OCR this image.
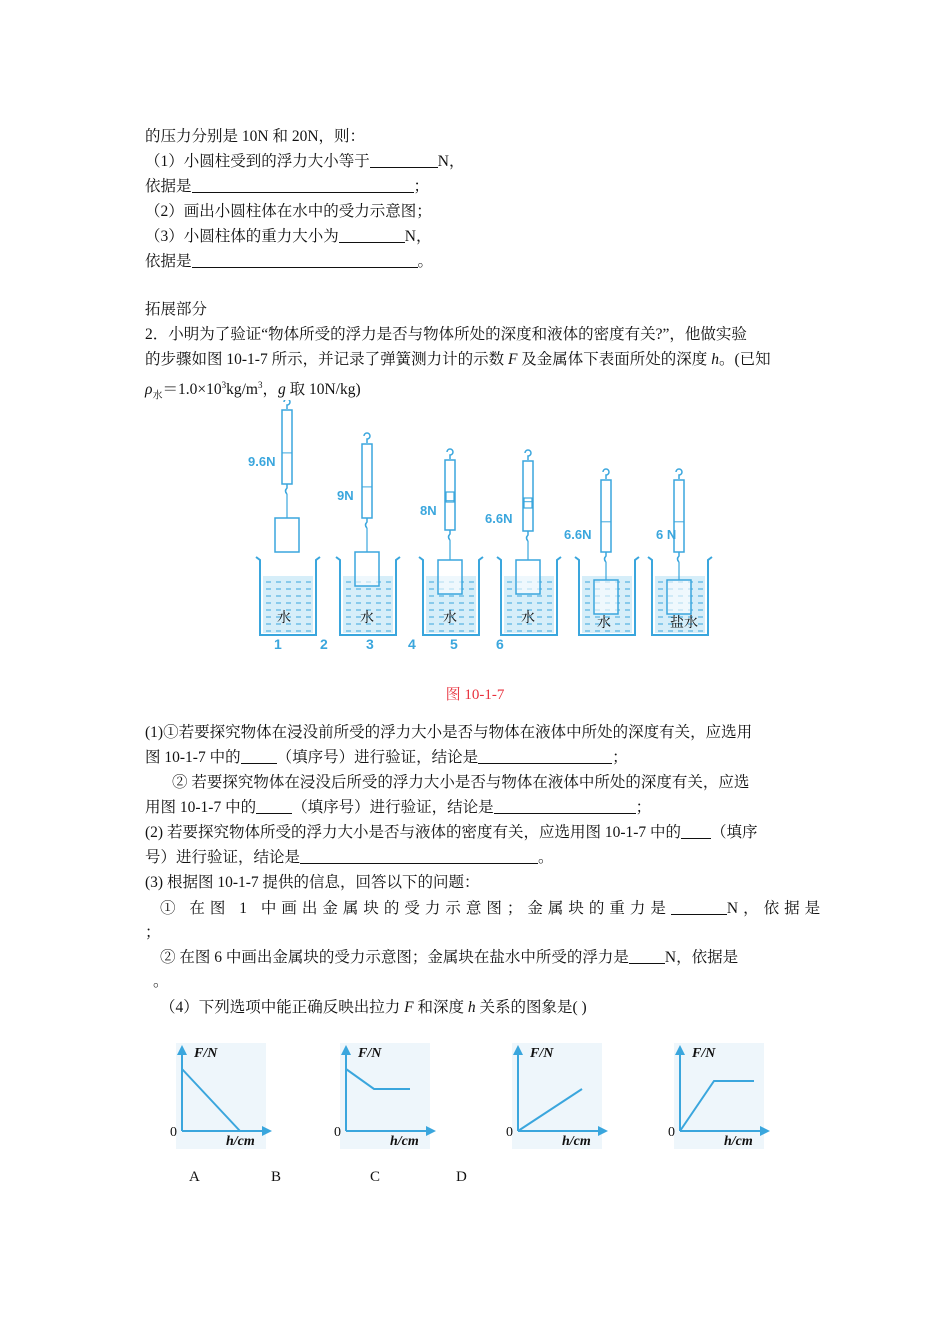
的压力分别是 10N 和 20N，则：
（1）小圆柱受到的浮力大小等于	N，
依据是	；
（2）画出小圆柱体在水中的受力示意图；
（3）小圆柱体的重力大小为	N，
依据是	。
拓展部分
2．小明为了验证“物体所受的浮力是否与物体所处的深度和液体的密度有关?”，他做实验
的步骤如图 10-1-7 所示，并记录了弹簧测力计的示数 F 及金属体下表面所处的深度 h。(已知
$\rho_水=1.0\times 10^3kg/m^3$，g 取 10N/kg)
9.6N
9N
8N
6.6N
6.6N	6 N
水	水	水	水	水	盐水
1	2	3 4 5	6
图 10-1-7
(1)①若要探究物体在浸没前所受的浮力大小是否与物体在液体中所处的深度有关，应选用
图 10-1-7 中的 （填序号）进行验证，结论是	；
② 若要探究物体在浸没后所受的浮力大小是否与物体在液体中所处的深度有关，应选
用图 10-1-7 中的 （填序号）进行验证，结论是	；
(2) 若要探究物体所受的浮力大小是否与液体的密度有关，应选用图 10-1-7 中的 （填序
号）进行验证，结论是	。
(3) 根据图 10-1-7 提供的信息，回答以下的问题：
① 在图 1 中画出金属块的受力示意图；金属块的重力是	N，依据是
；
② 在图 6 中画出金属块的受力示意图；金属块在盐水中所受的浮力是 N，依据是
。
（4）下列选项中能正确反映出拉力 F 和深度 h 关系的图象是( )
F/N
h/cm
0
F/N
h/cm
0
F/N
h/cm
0
F/N
h/cm
0
A	B	C	D
